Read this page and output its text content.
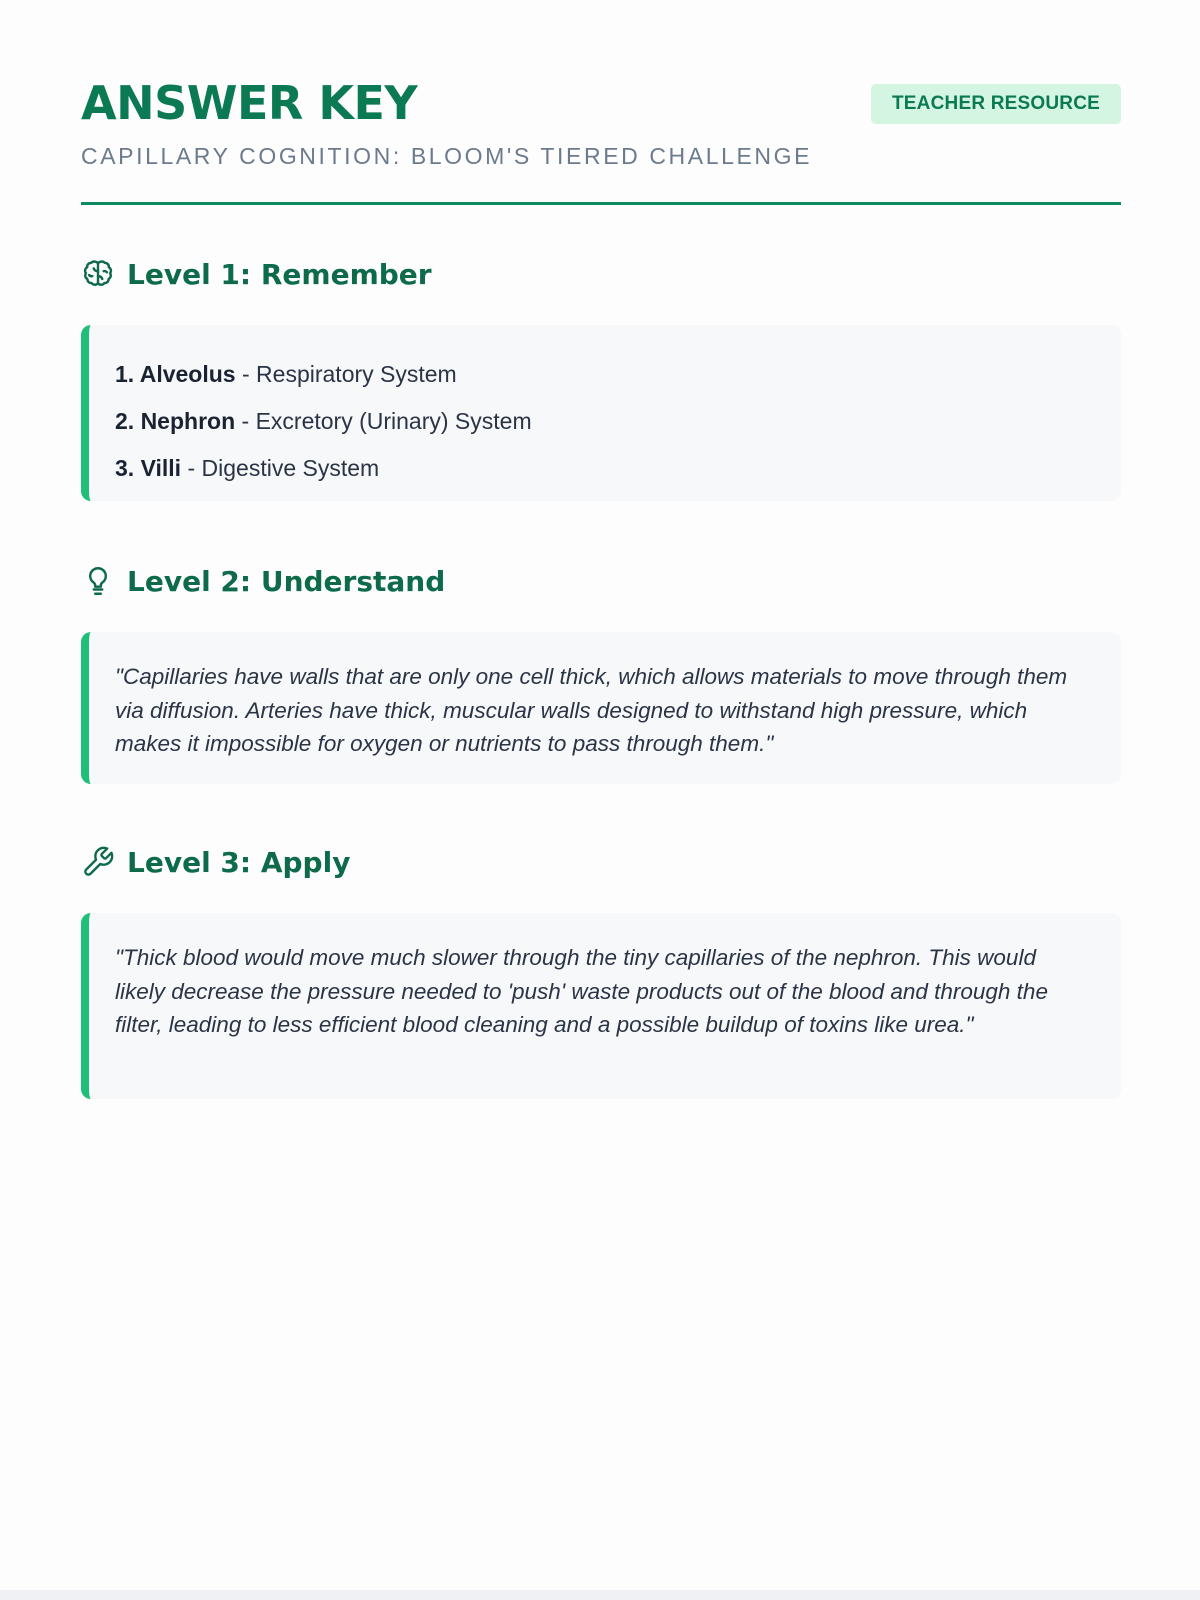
ANSWER KEY
CAPILLARY COGNITION: BLOOM'S TIERED CHALLENGE
TEACHER RESOURCE
Level 1: Remember
1. Alveolus - Respiratory System
2. Nephron - Excretory (Urinary) System
3. Villi - Digestive System
Level 2: Understand

"Capillaries have walls that are only one cell thick, which allows materials to move through them via diffusion. Arteries have thick, muscular walls designed to withstand high pressure, which makes it impossible for oxygen or nutrients to pass through them."

Level 3: Apply

"Thick blood would move much slower through the tiny capillaries of the nephron. This would likely decrease the pressure needed to 'push' waste products out of the blood and through the filter, leading to less efficient blood cleaning and a possible buildup of toxins like urea."
